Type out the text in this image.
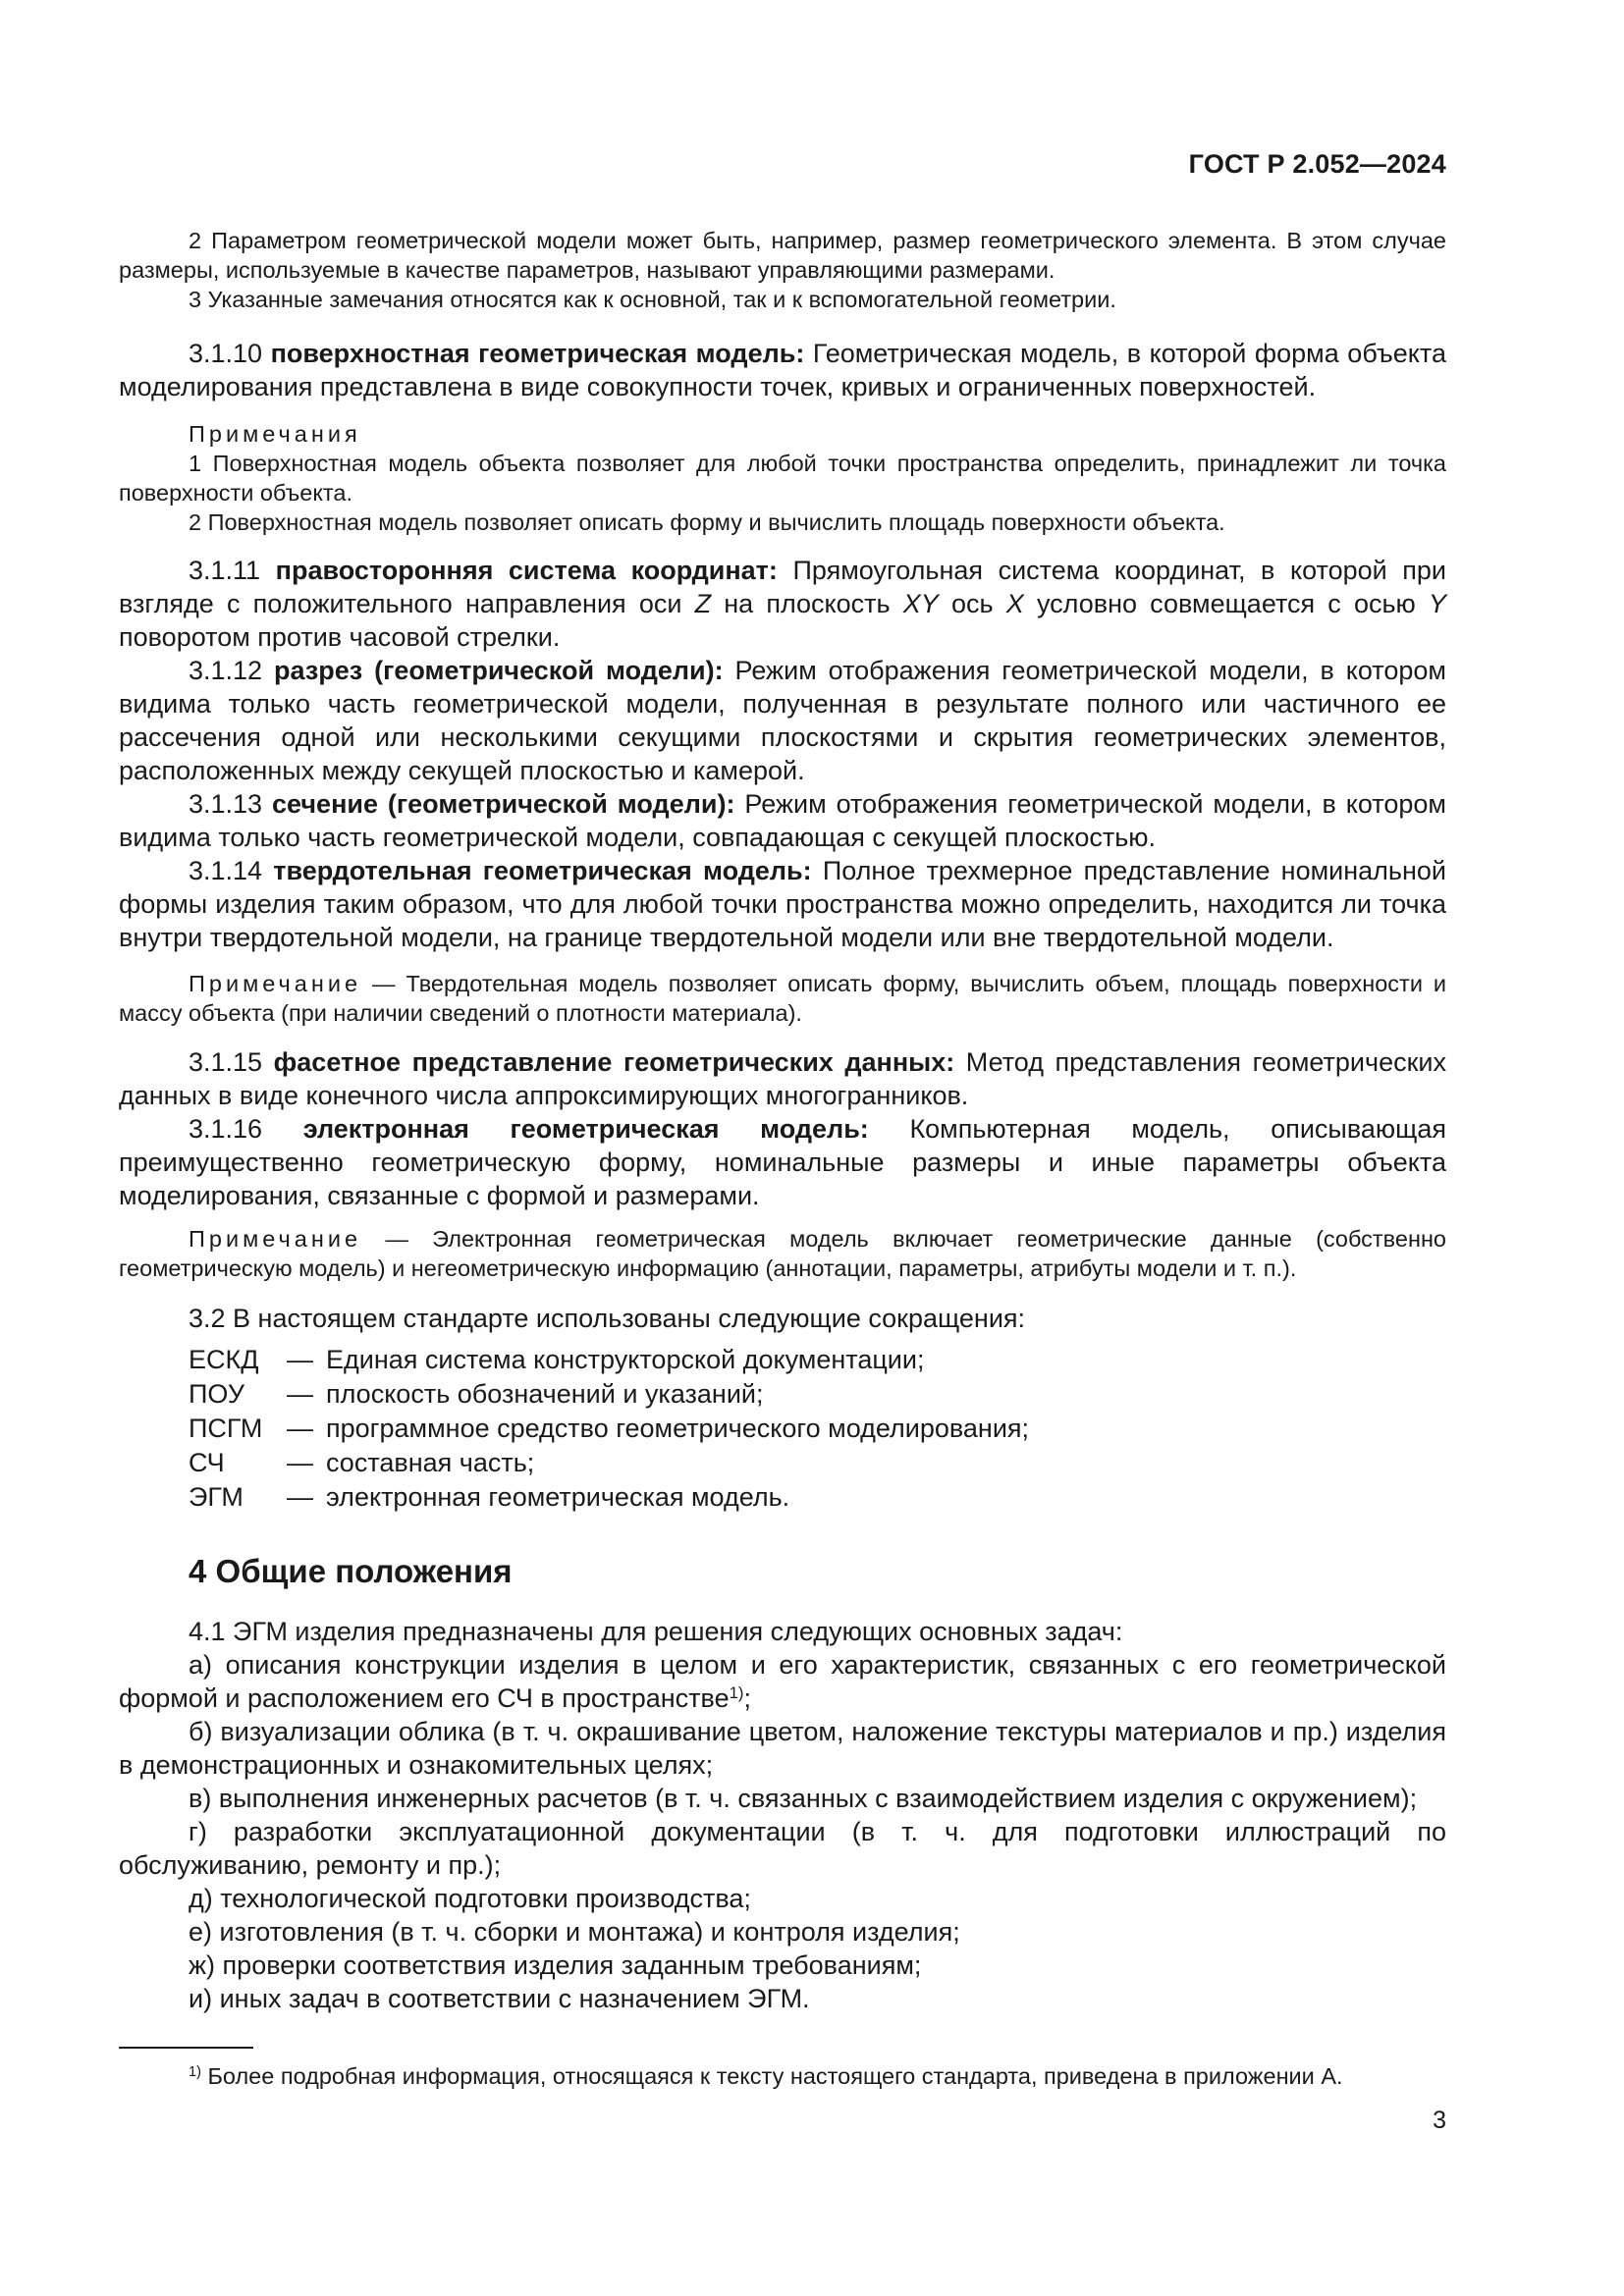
ГОСТ Р 2.052—2024

2 Параметром геометрической модели может быть, например, размер геометрического элемента. В этом случае размеры, используемые в качестве параметров, называют управляющими размерами.

3 Указанные замечания относятся как к основной, так и к вспомогательной геометрии.

3.1.10 поверхностная геометрическая модель: Геометрическая модель, в которой форма объекта моделирования представлена в виде совокупности точек, кривых и ограниченных поверхностей.

Примечания

1 Поверхностная модель объекта позволяет для любой точки пространства определить, принадлежит ли точка поверхности объекта.

2 Поверхностная модель позволяет описать форму и вычислить площадь поверхности объекта.

3.1.11 правосторонняя система координат: Прямоугольная система координат, в которой при взгляде с положительного направления оси Z на плоскость XY ось X условно совмещается с осью Y поворотом против часовой стрелки.

3.1.12 разрез (геометрической модели): Режим отображения геометрической модели, в котором видима только часть геометрической модели, полученная в результате полного или частичного ее рассечения одной или несколькими секущими плоскостями и скрытия геометрических элементов, расположенных между секущей плоскостью и камерой.

3.1.13 сечение (геометрической модели): Режим отображения геометрической модели, в котором видима только часть геометрической модели, совпадающая с секущей плоскостью.

3.1.14 твердотельная геометрическая модель: Полное трехмерное представление номинальной формы изделия таким образом, что для любой точки пространства можно определить, находится ли точка внутри твердотельной модели, на границе твердотельной модели или вне твердотельной модели.

Примечание — Твердотельная модель позволяет описать форму, вычислить объем, площадь поверхности и массу объекта (при наличии сведений о плотности материала).

3.1.15 фасетное представление геометрических данных: Метод представления геометрических данных в виде конечного числа аппроксимирующих многогранников.

3.1.16 электронная геометрическая модель: Компьютерная модель, описывающая преимущественно геометрическую форму, номинальные размеры и иные параметры объекта моделирования, связанные с формой и размерами.

Примечание — Электронная геометрическая модель включает геометрические данные (собственно геометрическую модель) и негеометрическую информацию (аннотации, параметры, атрибуты модели и т. п.).

3.2 В настоящем стандарте использованы следующие сокращения:

ЕСКД	— Единая система конструкторской документации;
ПОУ	— плоскость обозначений и указаний;
ПСГМ — программное средство геометрического моделирования;
СЧ	— составная часть;
ЭГМ	— электронная геометрическая модель.
4 Общие положения

4.1 ЭГМ изделия предназначены для решения следующих основных задач:

а) описания конструкции изделия в целом и его характеристик, связанных с его геометрической формой и расположением его СЧ в пространстве$^{1)}$;

б) визуализации облика (в т. ч. окрашивание цветом, наложение текстуры материалов и пр.) изделия в демонстрационных и ознакомительных целях;

в) выполнения инженерных расчетов (в т. ч. связанных с взаимодействием изделия с окружением);

г) разработки эксплуатационной документации (в т. ч. для подготовки иллюстраций по обслуживанию, ремонту и пр.);

д) технологической подготовки производства;

е) изготовления (в т. ч. сборки и монтажа) и контроля изделия;

ж) проверки соответствия изделия заданным требованиям;

и) иных задач в соответствии с назначением ЭГМ.

$^{1)}$ Более подробная информация, относящаяся к тексту настоящего стандарта, приведена в приложении А.
3
